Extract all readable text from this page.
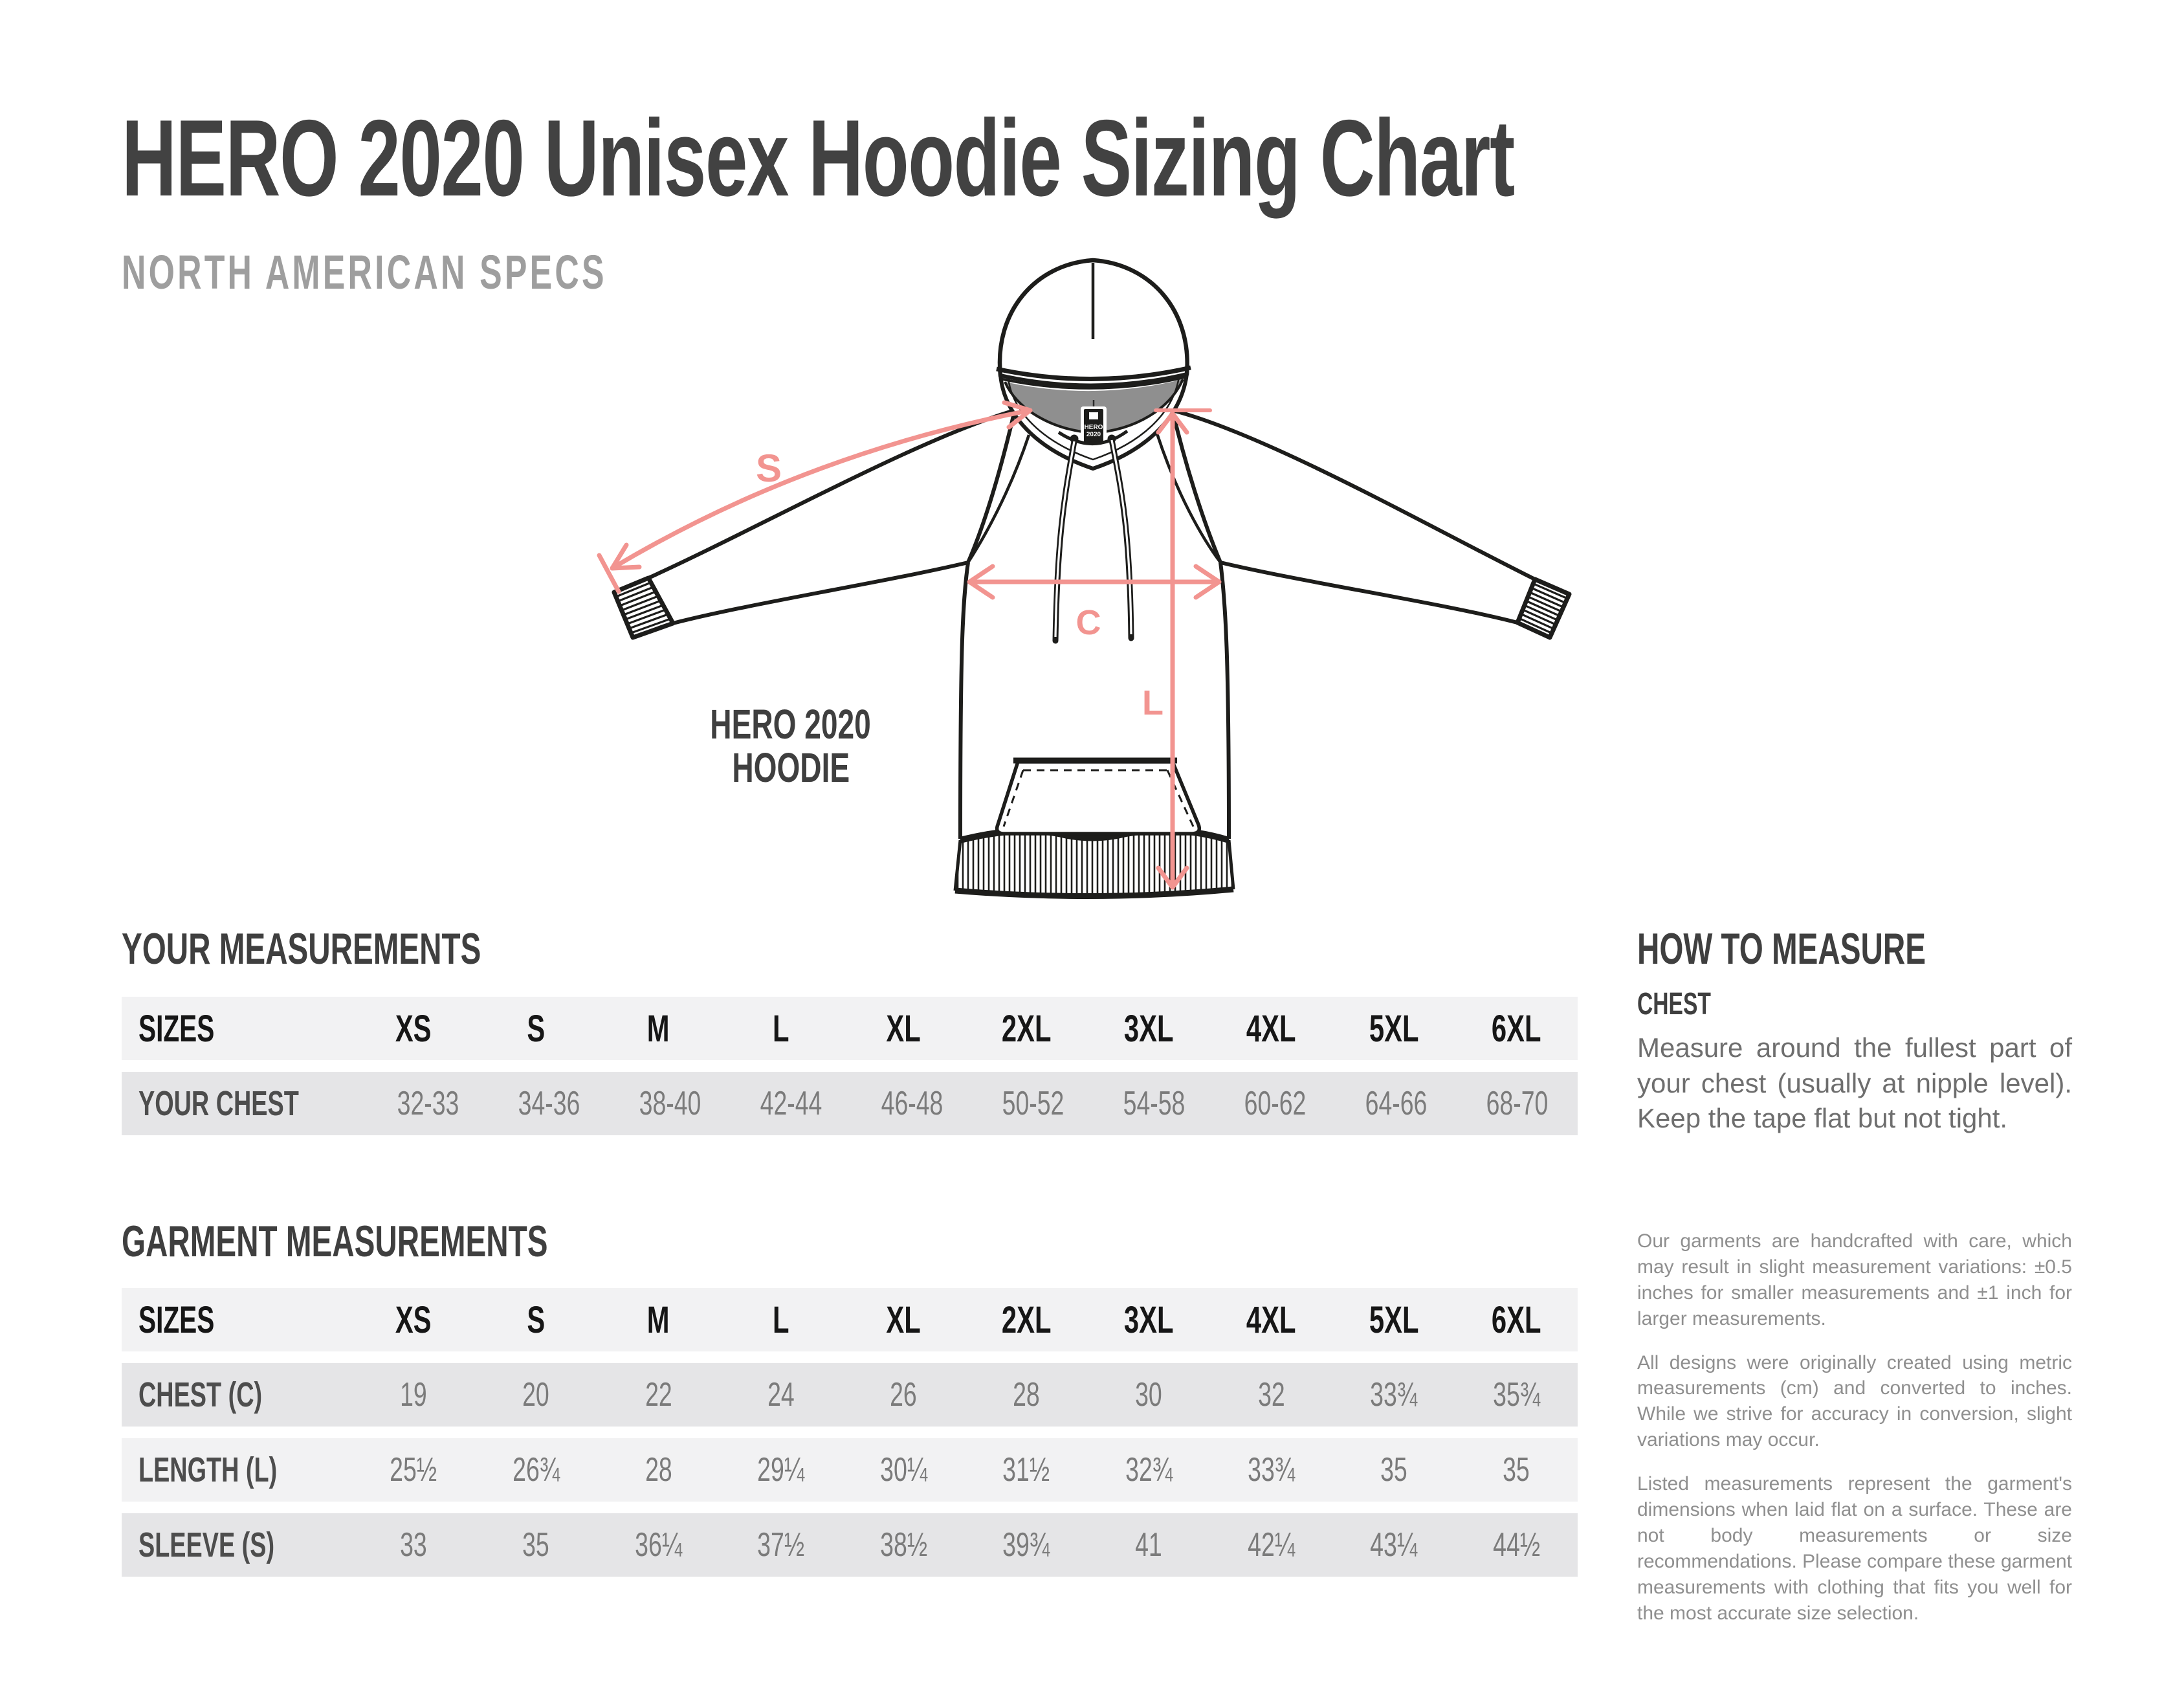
HERO 2020 Unisex Hoodie Sizing Chart
NORTH AMERICAN SPECS
HERO
2020
S
C
L
HERO 2020
HOODIE
YOUR MEASUREMENTS
SIZES	XS	S	M	L	XL	2XL	3XL	4XL	5XL	6XL
YOUR CHEST	32-33	34-36	38-40	42-44	46-48	50-52	54-58	60-62	64-66	68-70
GARMENT MEASUREMENTS
SIZES	XS	S	M	L	XL	2XL	3XL	4XL	5XL	6XL
CHEST (C)	19	20	22	24	26	28	30	32	33¾	35¾
LENGTH (L)	25½	26¾	28	29¼	30¼	31½	32¾	33¾	35	35
SLEEVE (S)	33	35	36¼	37½	38½	39¾	41	42¼	43¼	44½
HOW TO MEASURE
CHEST
Measure around the fullest part of your chest (usually at nipple level). Keep the tape flat but not tight.

Our garments are handcrafted with care, which may result in slight measurement variations: ±0.5 inches for smaller measurements and ±1 inch for larger measurements.

All designs were originally created using metric measurements (cm) and converted to inches. While we strive for accuracy in conversion, slight variations may occur.

Listed measurements represent the garment's dimensions when laid flat on a surface. These are not body measurements or size recommendations. Please compare these garment measurements with clothing that fits you well for the most accurate size selection.
